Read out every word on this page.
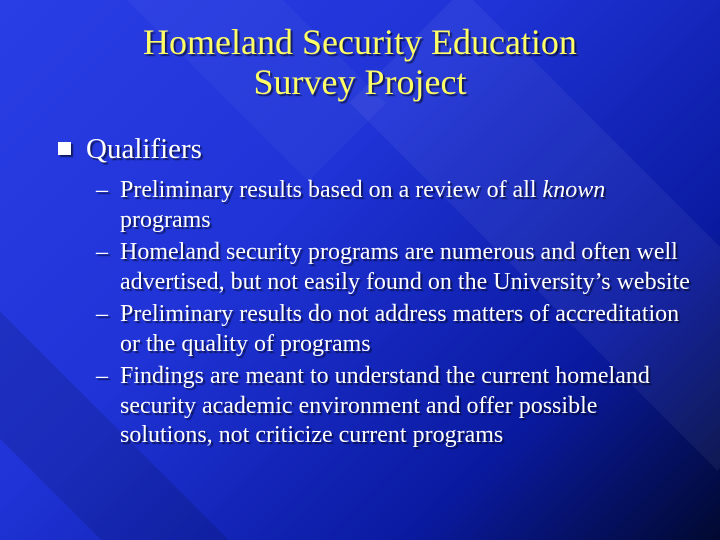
Homeland Security Education
Survey Project
Qualifiers
– Preliminary results based on a review of all known programs
– Homeland security programs are numerous and often well advertised, but not easily found on the University’s website
– Preliminary results do not address matters of accreditation or the quality of programs
– Findings are meant to understand the current homeland security academic environment and offer possible solutions, not criticize current programs
